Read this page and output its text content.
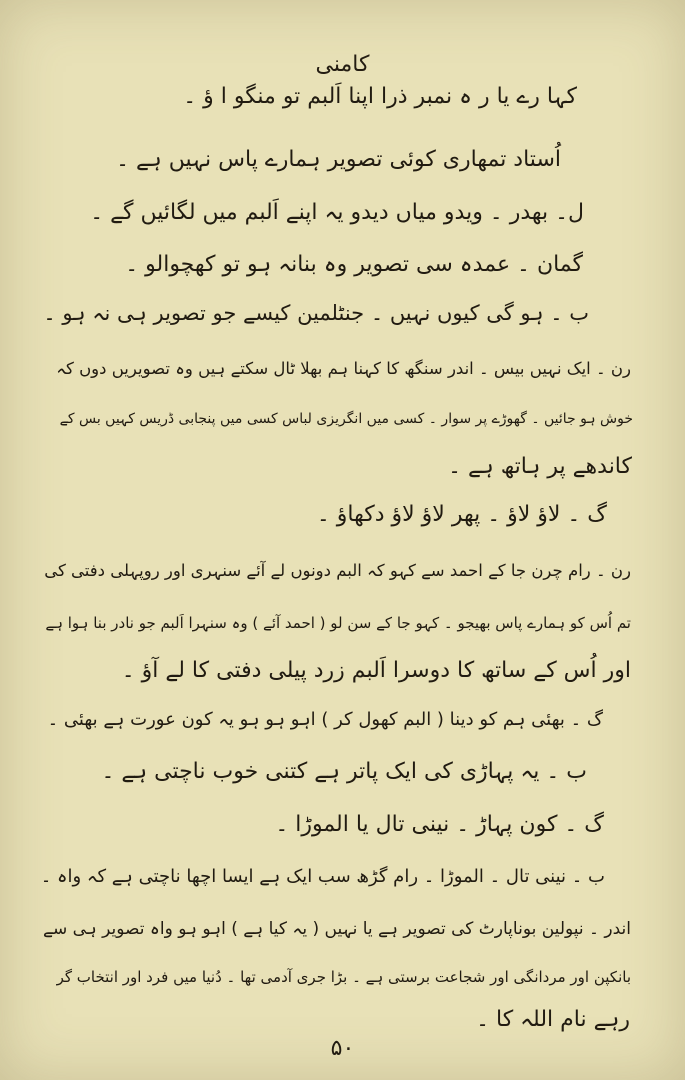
کامنی
کہا رے یا ر ہ نمبر ذرا اپنا اَلبم تو منگو ا ؤ ۔
اُستاد تمھاری کوئی تصویر ہمارے پاس نہیں ہے ۔
ل۔ بھدر ۔ ویدو میاں دیدو یہ اپنے اَلبم میں لگائیں گے ۔
گمان ۔ عمدہ سی تصویر وہ بنانہ ہو تو کھچوالو ۔
ب ۔ ہو گی کیوں نہیں ۔ جنٹلمین کیسے جو تصویر ہی نہ ہو ۔
رن ۔ ایک نہیں بیس ۔ اندر سنگھ کا کہنا ہم بھلا ٹال سکتے ہیں وہ تصویریں دوں کہ
خوش ہو جائیں ۔ گھوڑے پر سوار ۔ کسی میں انگریزی لباس کسی میں پنجابی ڈریس کہیں بس کے
کاندھے پر ہاتھ ہے ۔
گ ۔ لاؤ لاؤ ۔ پھر لاؤ لاؤ دکھاؤ ۔
رن ۔ رام چرن جا کے احمد سے کہو کہ البم دونوں لے آئے سنہری اور روپہلی دفتی کی
تم اُس کو ہمارے پاس بھیجو ۔ کہو جا کے سن لو ( احمد آئے ) وہ سنہرا اَلبم جو نادر بنا ہوا ہے
اور اُس کے ساتھ کا دوسرا اَلبم زرد پیلی دفتی کا لے آؤ ۔
گ ۔ بھئی ہم کو دینا ( البم کھول کر ) اہو ہو ہو یہ کون عورت ہے بھئی ۔
ب ۔ یہ پہاڑی کی ایک پاتر ہے کتنی خوب ناچتی ہے ۔
گ ۔ کون پہاڑ ۔ نینی تال یا الموڑا ۔
ب ۔ نینی تال ۔ الموڑا ۔ رام گڑھ سب ایک ہے ایسا اچھا ناچتی ہے کہ واہ ۔
اندر ۔ نپولین بوناپارٹ کی تصویر ہے یا نہیں ( یہ کیا ہے ) اہو ہو واہ تصویر ہی سے
بانکپن اور مردانگی اور شجاعت برستی ہے ۔ بڑا جری آدمی تھا ۔ دُنیا میں فرد اور انتخاب گر
رہے نام اللہ کا ۔
۵۰
